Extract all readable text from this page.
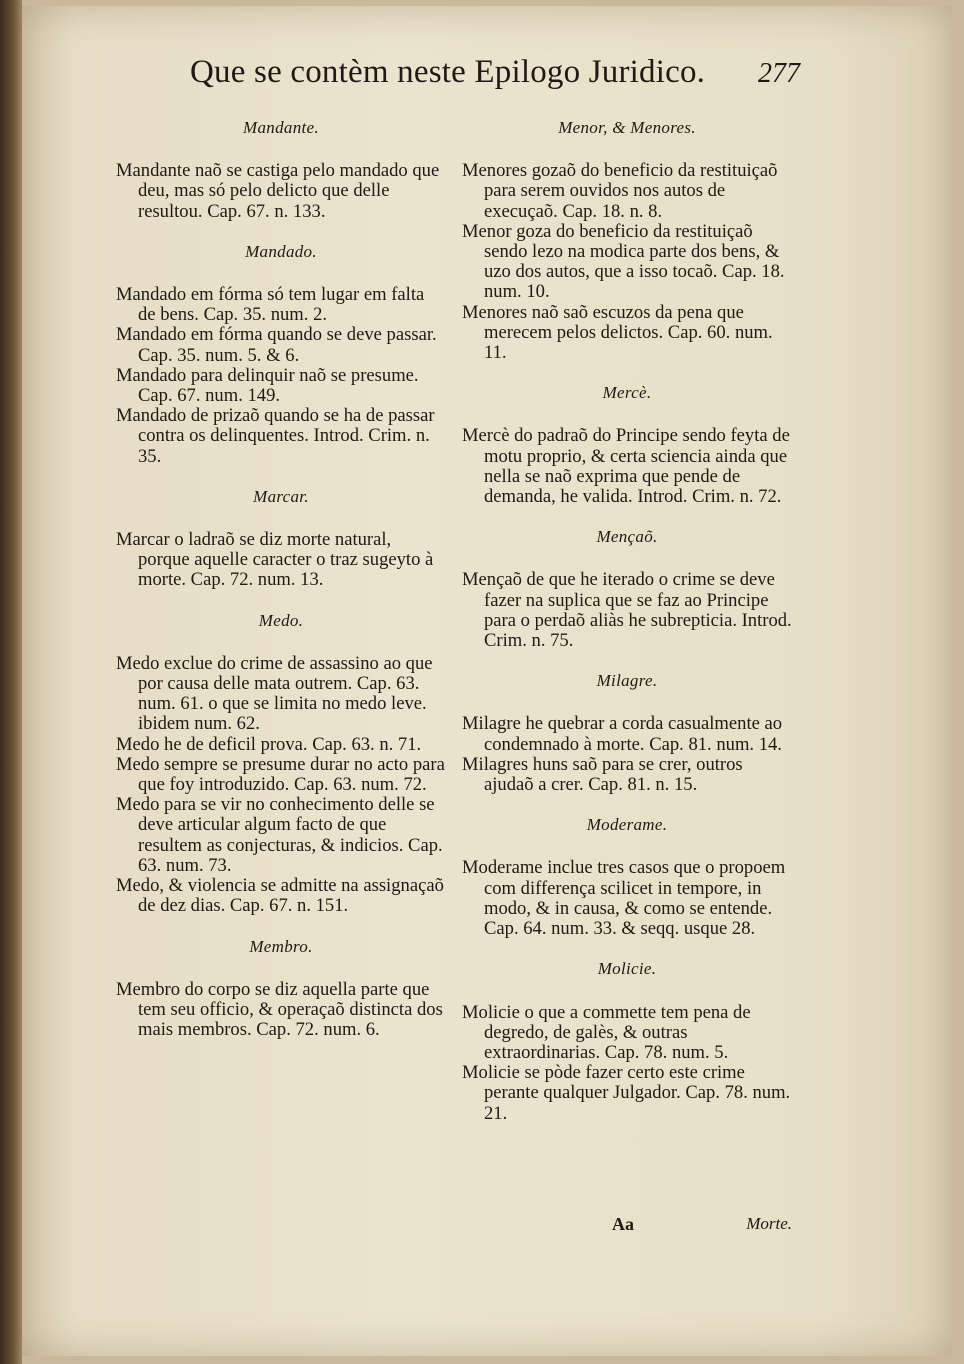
Que se contèm neste Epilogo Juridico. 277
Mandante.

Mandante naõ se castiga pelo mandado que deu, mas só pelo delicto que delle resultou. Cap. 67. n. 133.

Mandado.

Mandado em fórma só tem lugar em falta de bens. Cap. 35. num. 2.

Mandado em fórma quando se deve passar. Cap. 35. num. 5. & 6.

Mandado para delinquir naõ se presume. Cap. 67. num. 149.

Mandado de prizaõ quando se ha de passar contra os delinquentes. Introd. Crim. n. 35.

Marcar.

Marcar o ladraõ se diz morte natural, porque aquelle caracter o traz sugeyto à morte. Cap. 72. num. 13.

Medo.

Medo exclue do crime de assassino ao que por causa delle mata outrem. Cap. 63. num. 61. o que se limita no medo leve. ibidem num. 62.

Medo he de deficil prova. Cap. 63. n. 71.

Medo sempre se presume durar no acto para que foy introduzido. Cap. 63. num. 72.

Medo para se vir no conhecimento delle se deve articular algum facto de que resultem as conjecturas, & indicios. Cap. 63. num. 73.

Medo, & violencia se admitte na assignaçaõ de dez dias. Cap. 67. n. 151.

Membro.

Membro do corpo se diz aquella parte que tem seu officio, & operaçaõ distincta dos mais membros. Cap. 72. num. 6.

Menor, & Menores.

Menores gozaõ do beneficio da restituiçaõ para serem ouvidos nos autos de execuçaõ. Cap. 18. n. 8.

Menor goza do beneficio da restituiçaõ sendo lezo na modica parte dos bens, & uzo dos autos, que a isso tocaõ. Cap. 18. num. 10.

Menores naõ saõ escuzos da pena que merecem pelos delictos. Cap. 60. num. 11.

Mercè.

Mercè do padraõ do Principe sendo feyta de motu proprio, & certa sciencia ainda que nella se naõ exprima que pende de demanda, he valida. Introd. Crim. n. 72.

Mençaõ.

Mençaõ de que he iterado o crime se deve fazer na suplica que se faz ao Principe para o perdaõ aliàs he subrepticia. Introd. Crim. n. 75.

Milagre.

Milagre he quebrar a corda casualmente ao condemnado à morte. Cap. 81. num. 14.

Milagres huns saõ para se crer, outros ajudaõ a crer. Cap. 81. n. 15.

Moderame.

Moderame inclue tres casos que o propoem com differença scilicet in tempore, in modo, & in causa, & como se entende. Cap. 64. num. 33. & seqq. usque 28.

Molicie.

Molicie o que a commette tem pena de degredo, de galès, & outras extraordinarias. Cap. 78. num. 5.

Molicie se pòde fazer certo este crime perante qualquer Julgador. Cap. 78. num. 21.

Aa	Morte.
